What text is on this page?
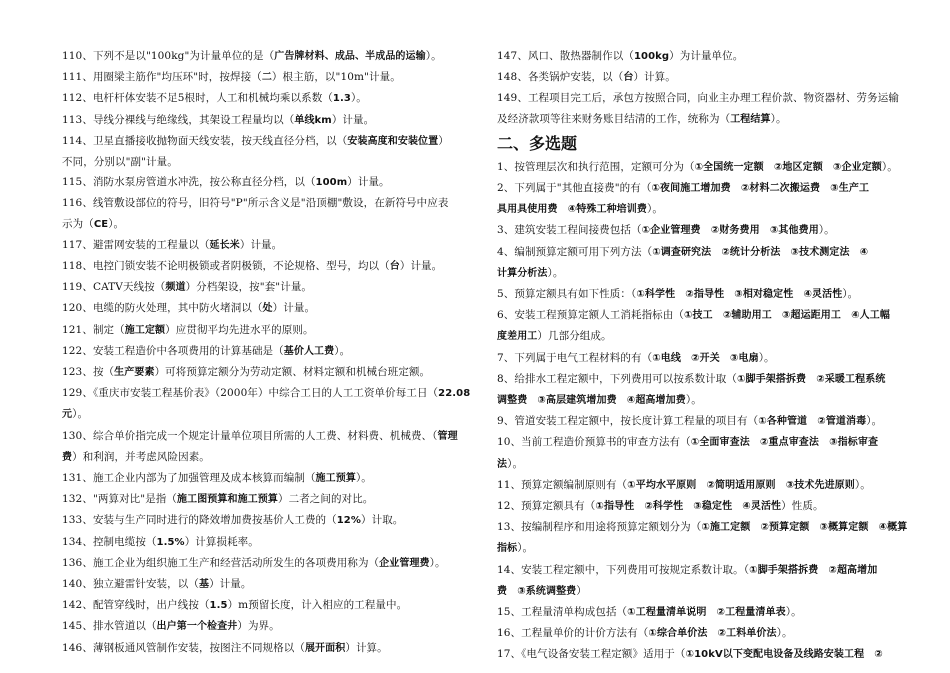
110、下列不是以"100kg"为计量单位的是（广告牌材料、成品、半成品的运输）。
111、用圈梁主筋作"均压环"时，按焊接（二）根主筋，以"10m"计量。
112、电杆杆体安装不足5根时，人工和机械均乘以系数（1.3）。
113、导线分裸线与绝缘线，其架设工程量均以（单线km）计量。
114、卫星直播接收抛物面天线安装，按天线直径分档，以（安装高度和安装位置）
不同，分别以"副"计量。
115、消防水泵房管道水冲洗，按公称直径分档，以（100m）计量。
116、线管敷设部位的符号，旧符号"P"所示含义是"沿顶棚"敷设，在新符号中应表
示为（CE）。
117、避雷网安装的工程量以（延长米）计量。
118、电控门锁安装不论明极锁或者阴极锁，不论规格、型号，均以（台）计量。
119、CATV天线按（频道）分档架设，按"套"计量。
120、电缆的防火处理，其中防火堵洞以（处）计量。
121、制定（施工定额）应贯彻平均先进水平的原则。
122、安装工程造价中各项费用的计算基础是（基价人工费）。
123、按（生产要素）可将预算定额分为劳动定额、材料定额和机械台班定额。
129、《重庆市安装工程基价表》（2000年）中综合工日的人工工资单价每工日（22.08
元）。
130、综合单价指完成一个规定计量单位项目所需的人工费、材料费、机械费、（管理
费）和利润，并考虑风险因素。
131、施工企业内部为了加强管理及成本核算而编制（施工预算）。
132、"两算对比"是指（施工图预算和施工预算）二者之间的对比。
133、安装与生产同时进行的降效增加费按基价人工费的（12%）计取。
134、控制电缆按（1.5%）计算损耗率。
136、施工企业为组织施工生产和经营活动所发生的各项费用称为（企业管理费）。
140、独立避雷针安装，以（基）计量。
142、配管穿线时，出户线按（1.5）m预留长度，计入相应的工程量中。
145、排水管道以（出户第一个检查井）为界。
146、薄钢板通风管制作安装，按图注不同规格以（展开面积）计算。
147、风口、散热器制作以（100kg）为计量单位。
148、各类锅炉安装，以（台）计算。
149、工程项目完工后，承包方按照合同，向业主办理工程价款、物资器材、劳务运输
及经济款项等往来财务账目结清的工作，统称为（工程结算）。
二、多选题
1、按管理层次和执行范围，定额可分为（①全国统一定额　②地区定额　③企业定额）。
2、下列属于"其他直接费"的有（①夜间施工增加费　②材料二次搬运费　③生产工
具用具使用费　④特殊工种培训费）。
3、建筑安装工程间接费包括（①企业管理费　②财务费用　③其他费用）。
4、编制预算定额可用下列方法（①调查研究法　②统计分析法　③技术测定法　④
计算分析法）。
5、预算定额具有如下性质：（①科学性　②指导性　③相对稳定性　④灵活性）。
6、安装工程预算定额人工消耗指标由（①技工　②辅助用工　③超运距用工　④人工幅
度差用工）几部分组成。
7、下列属于电气工程材料的有（①电线　②开关　③电扇）。
8、给排水工程定额中，下列费用可以按系数计取（①脚手架搭拆费　②采暖工程系统
调整费　③高层建筑增加费　④超高增加费）。
9、管道安装工程定额中，按长度计算工程量的项目有（①各种管道　②管道消毒）。
10、当前工程造价预算书的审查方法有（①全面审查法　②重点审查法　③指标审查
法）。
11、预算定额编制原则有（①平均水平原则　②简明适用原则　③技术先进原则）。
12、预算定额具有（①指导性　②科学性　③稳定性　④灵活性）性质。
13、按编制程序和用途将预算定额划分为（①施工定额　②预算定额　③概算定额　④概算
指标）。
14、安装工程定额中，下列费用可按规定系数计取。（①脚手架搭拆费　②超高增加
费　③系统调整费）
15、工程量清单构成包括（①工程量清单说明　②工程量清单表）。
16、工程量单价的计价方法有（①综合单价法　②工料单价法）。
17、《电气设备安装工程定额》适用于（①10kV以下变配电设备及线路安装工程　②
